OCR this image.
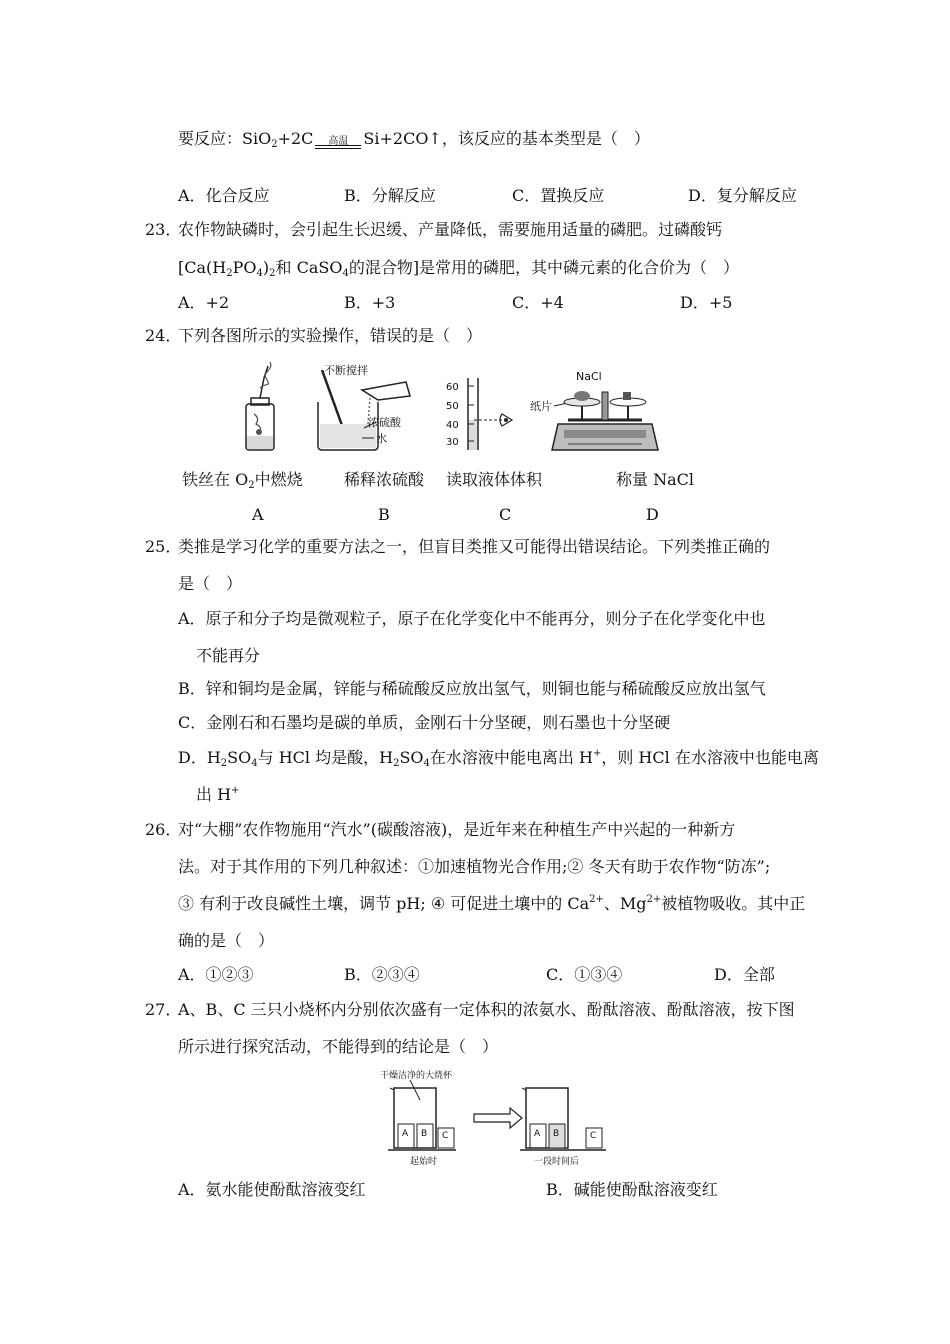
要反应：SiO$_2$+2C	高温 Si+2CO↑，该反应的基本类型是（　）
A．化合反应	B．分解反应	C．置换反应	D．复分解反应
23．
农作物缺磷时，会引起生长迟缓、产量降低，需要施用适量的磷肥。过磷酸钙
[$Ca(H_2PO_4)_2$和 CaSO$_4$的混合物]是常用的磷肥，其中磷元素的化合价为（　）
A．+2	B．+3	C．+4	D．+5
24．
下列各图所示的实验操作，错误的是（　）
不断搅拌
浓硫酸
水
60
50
40
30
NaCl
纸片
铁丝在 $O_2$中燃烧	稀释浓硫酸 读取液体体积	称量 NaCl
A	B	C	D
25．
类推是学习化学的重要方法之一，但盲目类推又可能得出错误结论。下列类推正确的
是（　）
A．原子和分子均是微观粒子，原子在化学变化中不能再分，则分子在化学变化中也
不能再分
B．锌和铜均是金属，锌能与稀硫酸反应放出氢气，则铜也能与稀硫酸反应放出氢气
C．金刚石和石墨均是碳的单质，金刚石十分坚硬，则石墨也十分坚硬
D．$H_2SO_4$与 HCl 均是酸，$H_2SO_4$在水溶液中能电离出 H+，则 HCl 在水溶液中也能电离
出 H+
26．
对“大棚”农作物施用“汽水”(碳酸溶液)，是近年来在种植生产中兴起的一种新方
法。对于其作用的下列几种叙述：①加速植物光合作用;② 冬天有助于农作物“防冻”;
③ 有利于改良碱性土壤，调节 pH; ④ 可促进土壤中的 $Ca^{2+}$、$Mg^{2+}$被植物吸收。其中正
确的是（　）
A．①②③	B．②③④	C．①③④	D．全部
27．
A、B、C 三只小烧杯内分别依次盛有一定体积的浓氨水、酚酞溶液、酚酞溶液，按下图
所示进行探究活动，不能得到的结论是（　）
干燥洁净的大烧杯
A B C
起始时
A B	C
一段时间后
A．氨水能使酚酞溶液变红	B．碱能使酚酞溶液变红
